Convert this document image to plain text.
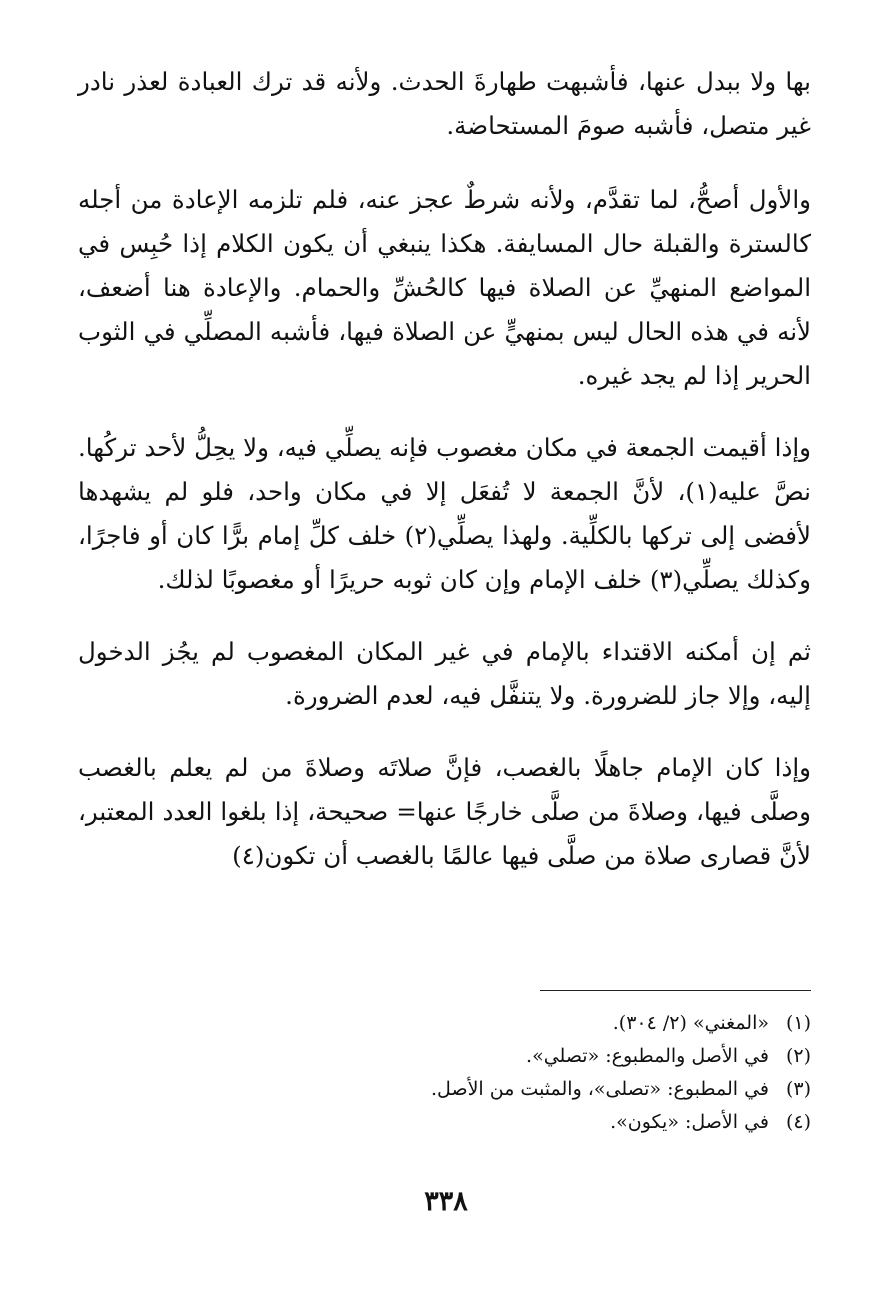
بها ولا ببدل عنها، فأشبهت طهارةَ الحدث. ولأنه قد ترك العبادة لعذر نادر غير متصل، فأشبه صومَ المستحاضة.

والأول أصحُّ، لما تقدَّم، ولأنه شرطٌ عجز عنه، فلم تلزمه الإعادة من أجله كالسترة والقبلة حال المسايفة. هكذا ينبغي أن يكون الكلام إذا حُبِس في المواضع المنهيِّ عن الصلاة فيها كالحُشِّ والحمام. والإعادة هنا أضعف، لأنه في هذه الحال ليس بمنهيٍّ عن الصلاة فيها، فأشبه المصلِّي في الثوب الحرير إذا لم يجد غيره.

وإذا أقيمت الجمعة في مكان مغصوب فإنه يصلِّي فيه، ولا يحِلُّ لأحد تركُها. نصَّ عليه(١)، لأنَّ الجمعة لا تُفعَل إلا في مكان واحد، فلو لم يشهدها لأفضى إلى تركها بالكلِّية. ولهذا يصلِّي(٢) خلف كلِّ إمام برًّا كان أو فاجرًا، وكذلك يصلِّي(٣) خلف الإمام وإن كان ثوبه حريرًا أو مغصوبًا لذلك.

ثم إن أمكنه الاقتداء بالإمام في غير المكان المغصوب لم يجُز الدخول إليه، وإلا جاز للضرورة. ولا يتنفَّل فيه، لعدم الضرورة.

وإذا كان الإمام جاهلًا بالغصب، فإنَّ صلاتَه وصلاةَ من لم يعلم بالغصب وصلَّى فيها، وصلاةَ من صلَّى خارجًا عنها= صحيحة، إذا بلغوا العدد المعتبر، لأنَّ قصارى صلاة من صلَّى فيها عالمًا بالغصب أن تكون(٤)

(١)
«المغني» (٢/ ٣٠٤).
(٢)
في الأصل والمطبوع: «تصلي».
(٣)
في المطبوع: «تصلى»، والمثبت من الأصل.
(٤)
في الأصل: «يكون».
٣٣٨
